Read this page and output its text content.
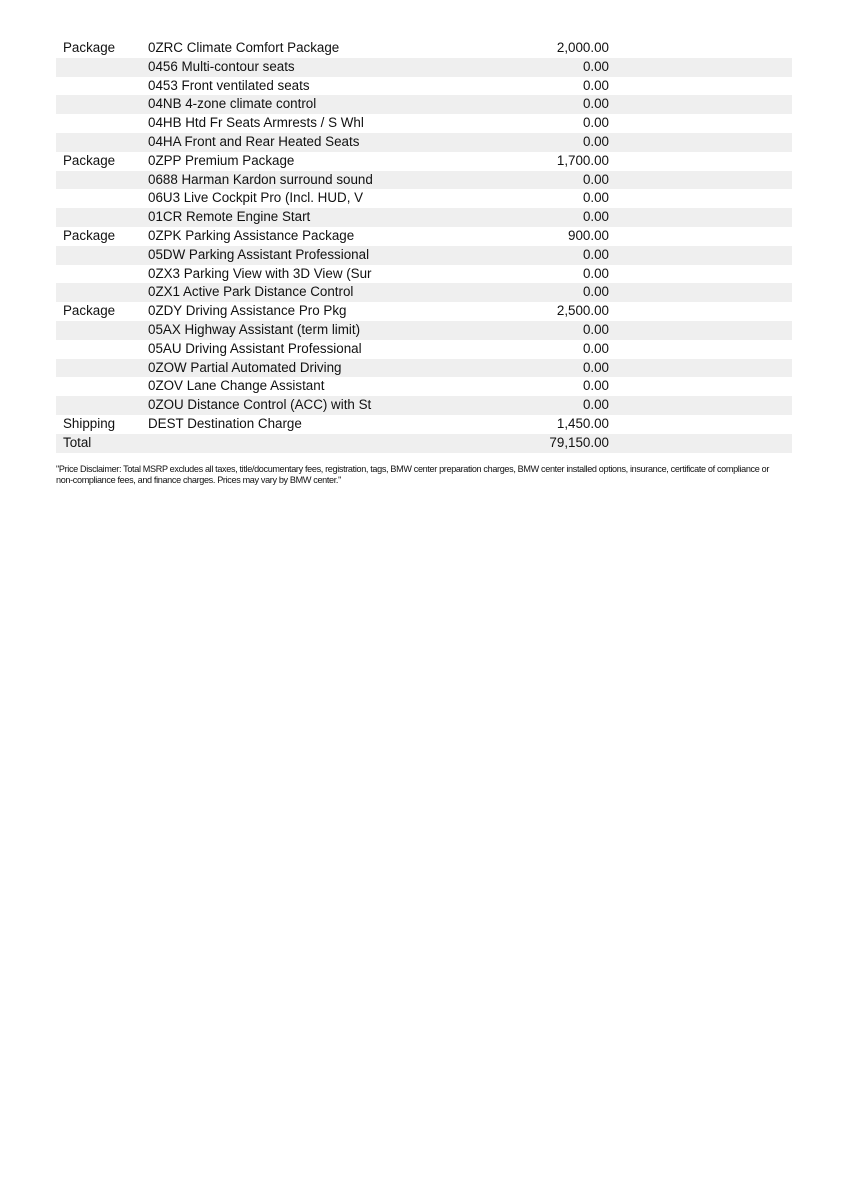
Package 0ZRC Climate Comfort Package	2,000.00
0456 Multi-contour seats	0.00
0453 Front ventilated seats	0.00
04NB 4-zone climate control	0.00
04HB Htd Fr Seats Armrests / S Whl	0.00
04HA Front and Rear Heated Seats	0.00
Package 0ZPP Premium Package	1,700.00
0688 Harman Kardon surround sound	0.00
06U3 Live Cockpit Pro (Incl. HUD, V	0.00
01CR Remote Engine Start	0.00
Package 0ZPK Parking Assistance Package	900.00
05DW Parking Assistant Professional	0.00
0ZX3 Parking View with 3D View (Sur	0.00
0ZX1 Active Park Distance Control	0.00
Package 0ZDY Driving Assistance Pro Pkg	2,500.00
05AX Highway Assistant (term limit)	0.00
05AU Driving Assistant Professional	0.00
0ZOW Partial Automated Driving	0.00
0ZOV Lane Change Assistant	0.00
0ZOU Distance Control (ACC) with St	0.00
Shipping DEST Destination Charge	1,450.00
Total	79,150.00
"Price Disclaimer: Total MSRP excludes all taxes, title/documentary fees, registration, tags, BMW center preparation charges, BMW center installed options, insurance, certificate of compliance or non-compliance fees, and finance charges. Prices may vary by BMW center."
